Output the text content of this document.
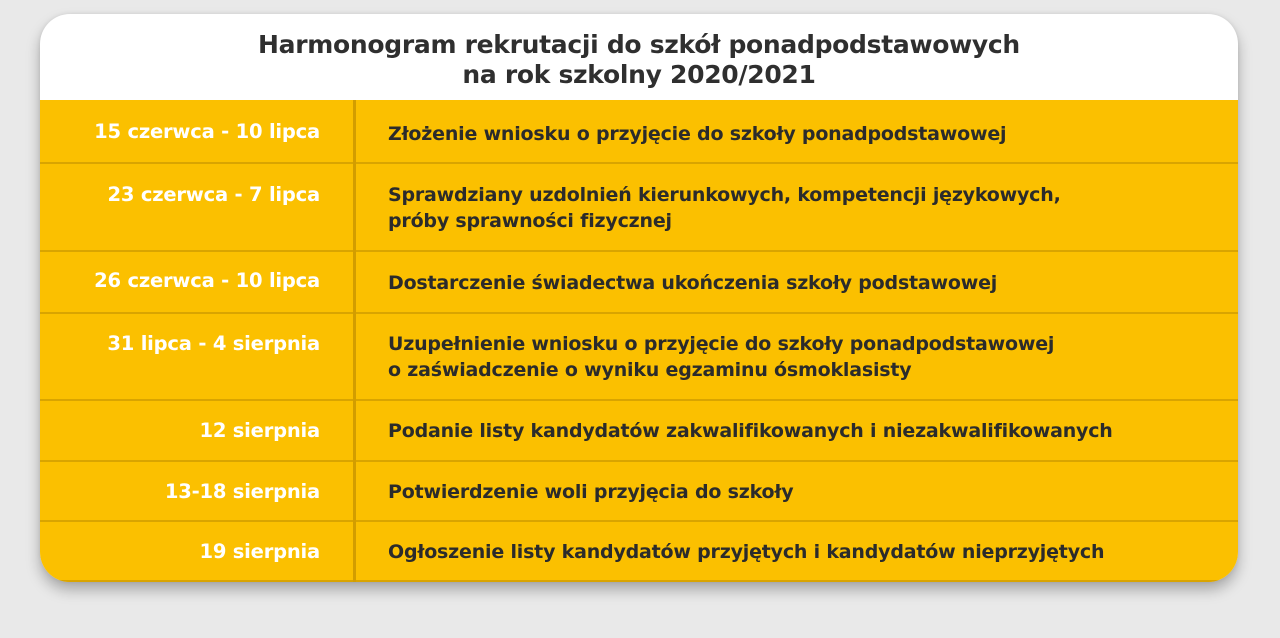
Harmonogram rekrutacji do szkół ponadpodstawowych
na rok szkolny 2020/2021
15 czerwca - 10 lipca	Złożenie wniosku o przyjęcie do szkoły ponadpodstawowej
23 czerwca - 7 lipca	Sprawdziany uzdolnień kierunkowych, kompetencji językowych,
próby sprawności fizycznej
26 czerwca - 10 lipca	Dostarczenie świadectwa ukończenia szkoły podstawowej
31 lipca - 4 sierpnia	Uzupełnienie wniosku o przyjęcie do szkoły ponadpodstawowej
o zaświadczenie o wyniku egzaminu ósmoklasisty
12 sierpnia	Podanie listy kandydatów zakwalifikowanych i niezakwalifikowanych
13-18 sierpnia	Potwierdzenie woli przyjęcia do szkoły
19 sierpnia	Ogłoszenie listy kandydatów przyjętych i kandydatów nieprzyjętych
